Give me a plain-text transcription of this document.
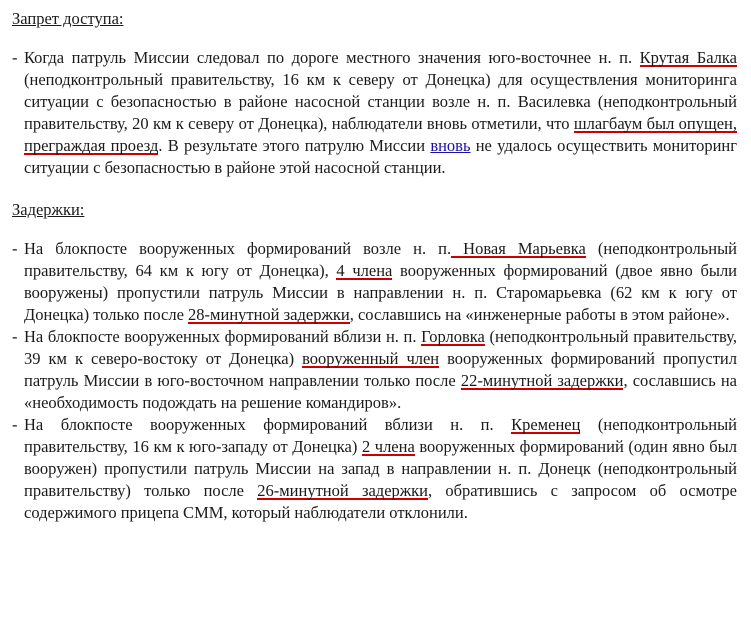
Запрет доступа:

- Когда патруль Миссии следовал по дороге местного значения юго-восточнее н. п. Крутая Балка (неподконтрольный правительству, 16 км к северу от Донецка) для осуществления мониторинга ситуации с безопасностью в районе насосной станции возле н. п. Василевка (неподконтрольный правительству, 20 км к северу от Донецка), наблюдатели вновь отметили, что шлагбаум был опущен, преграждая проезд. В результате этого патрулю Миссии вновь не удалось осуществить мониторинг ситуации с безопасностью в районе этой насосной станции.

Задержки:

- На блокпосте вооруженных формирований возле н. п. Новая Марьевка (неподконтрольный правительству, 64 км к югу от Донецка), 4 члена вооруженных формирований (двое явно были вооружены) пропустили патруль Миссии в направлении н. п. Старомарьевка (62 км к югу от Донецка) только после 28-минутной задержки, сославшись на «инженерные работы в этом районе».

- На блокпосте вооруженных формирований вблизи н. п. Горловка (неподконтрольный правительству, 39 км к северо-востоку от Донецка) вооруженный член вооруженных формирований пропустил патруль Миссии в юго-восточном направлении только после 22-минутной задержки, сославшись на «необходимость подождать на решение командиров».

- На блокпосте вооруженных формирований вблизи н. п. Кременец (неподконтрольный правительству, 16 км к юго-западу от Донецка) 2 члена вооруженных формирований (один явно был вооружен) пропустили патруль Миссии на запад в направлении н. п. Донецк (неподконтрольный правительству) только после 26-минутной задержки, обратившись с запросом об осмотре содержимого прицепа СММ, который наблюдатели отклонили.
